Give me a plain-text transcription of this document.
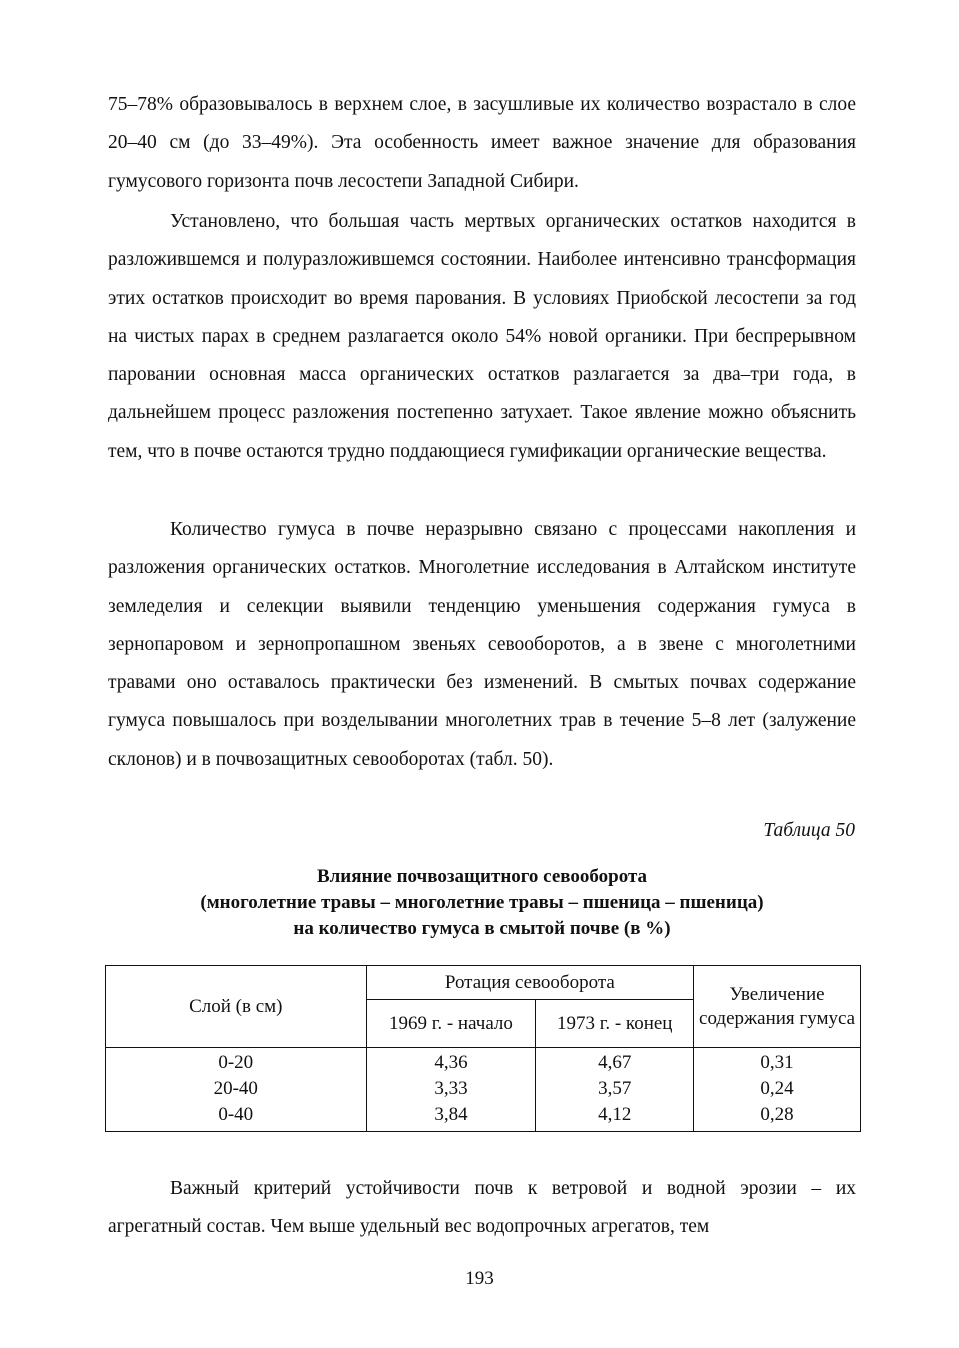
75–78% образовывалось в верхнем слое, в засушливые их количество возрастало в слое 20–40 см (до 33–49%). Эта особенность имеет важное значение для образования гумусового горизонта почв лесостепи Западной Сибири.

Установлено, что большая часть мертвых органических остатков находится в разложившемся и полуразложившемся состоянии. Наиболее интенсивно трансформация этих остатков происходит во время парования. В условиях Приобской лесостепи за год на чистых парах в среднем разлагается около 54% новой органики. При беспрерывном паровании основная масса органических остатков разлагается за два–три года, в дальнейшем процесс разложения постепенно затухает. Такое явление можно объяснить тем, что в почве остаются трудно поддающиеся гумификации органические вещества.

Количество гумуса в почве неразрывно связано с процессами накопления и разложения органических остатков. Многолетние исследования в Алтайском институте земледелия и селекции выявили тенденцию уменьшения содержания гумуса в зернопаровом и зернопропашном звеньях севооборотов, а в звене с многолетними травами оно оставалось практически без изменений. В смытых почвах содержание гумуса повышалось при возделывании многолетних трав в течение 5–8 лет (залужение склонов) и в почвозащитных севооборотах (табл. 50).

Таблица 50
Влияние почвозащитного севооборота
(многолетние травы – многолетние травы – пшеница – пшеница)
на количество гумуса в смытой почве (в %)
Слой (в см)	Ротация севооборота		Увеличение содержания гумуса
	1969 г. - начало	1973 г. - конец	
0-20	4,36	4,67	0,31
20-40	3,33	3,57	0,24
0-40	3,84	4,12	0,28

Важный критерий устойчивости почв к ветровой и водной эрозии – их агрегатный состав. Чем выше удельный вес водопрочных агрегатов, тем

193
